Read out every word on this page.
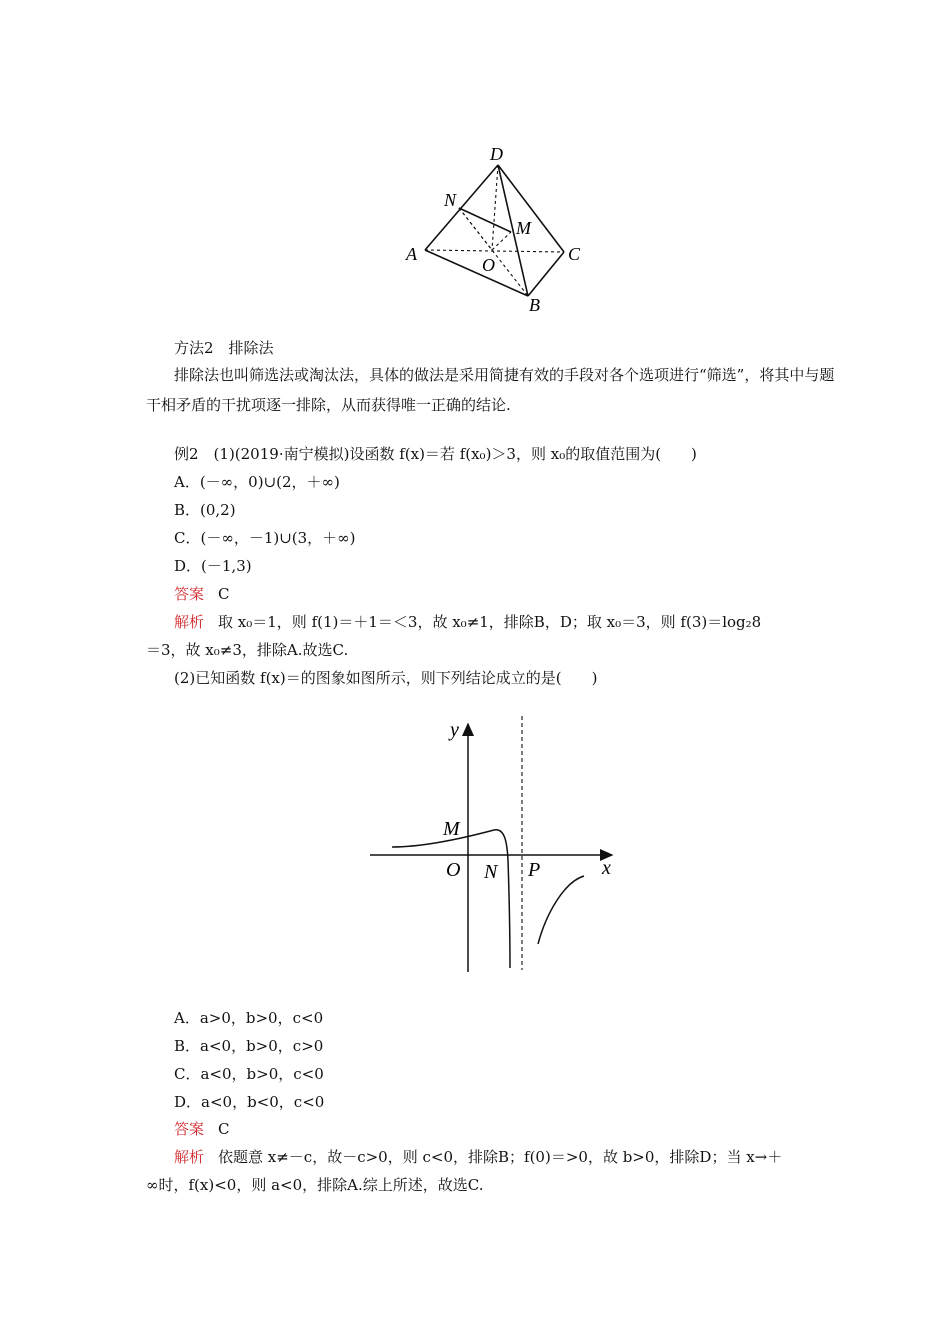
D
N
M
A
O
C
B
方法2　排除法
排除法也叫筛选法或淘汰法，具体的做法是采用简捷有效的手段对各个选项进行“筛选”，将其中与题干相矛盾的干扰项逐一排除，从而获得唯一正确的结论.
例2　(1)(2019·南宁模拟)设函数 f(x)＝若 f(x₀)＞3，则 x₀的取值范围为(　　)
A．(－∞，0)∪(2，＋∞)
B．(0,2)
C．(－∞，－1)∪(3，＋∞)
D．(－1,3)
答案 C
解析 取 x₀＝1，则 f(1)＝＋1＝＜3，故 x₀≠1，排除B，D；取 x₀＝3，则 f(3)＝log₂8
＝3，故 x₀≠3，排除A.故选C.
(2)已知函数 f(x)＝的图象如图所示，则下列结论成立的是(　　)
y
x
M
O N P
A．a>0，b>0，c<0
B．a<0，b>0，c>0
C．a<0，b>0，c<0
D．a<0，b<0，c<0
答案 C
解析 依题意 x≠－c，故－c>0，则 c<0，排除B；f(0)＝>0，故 b>0，排除D；当 x→＋
∞时，f(x)<0，则 a<0，排除A.综上所述，故选C.
